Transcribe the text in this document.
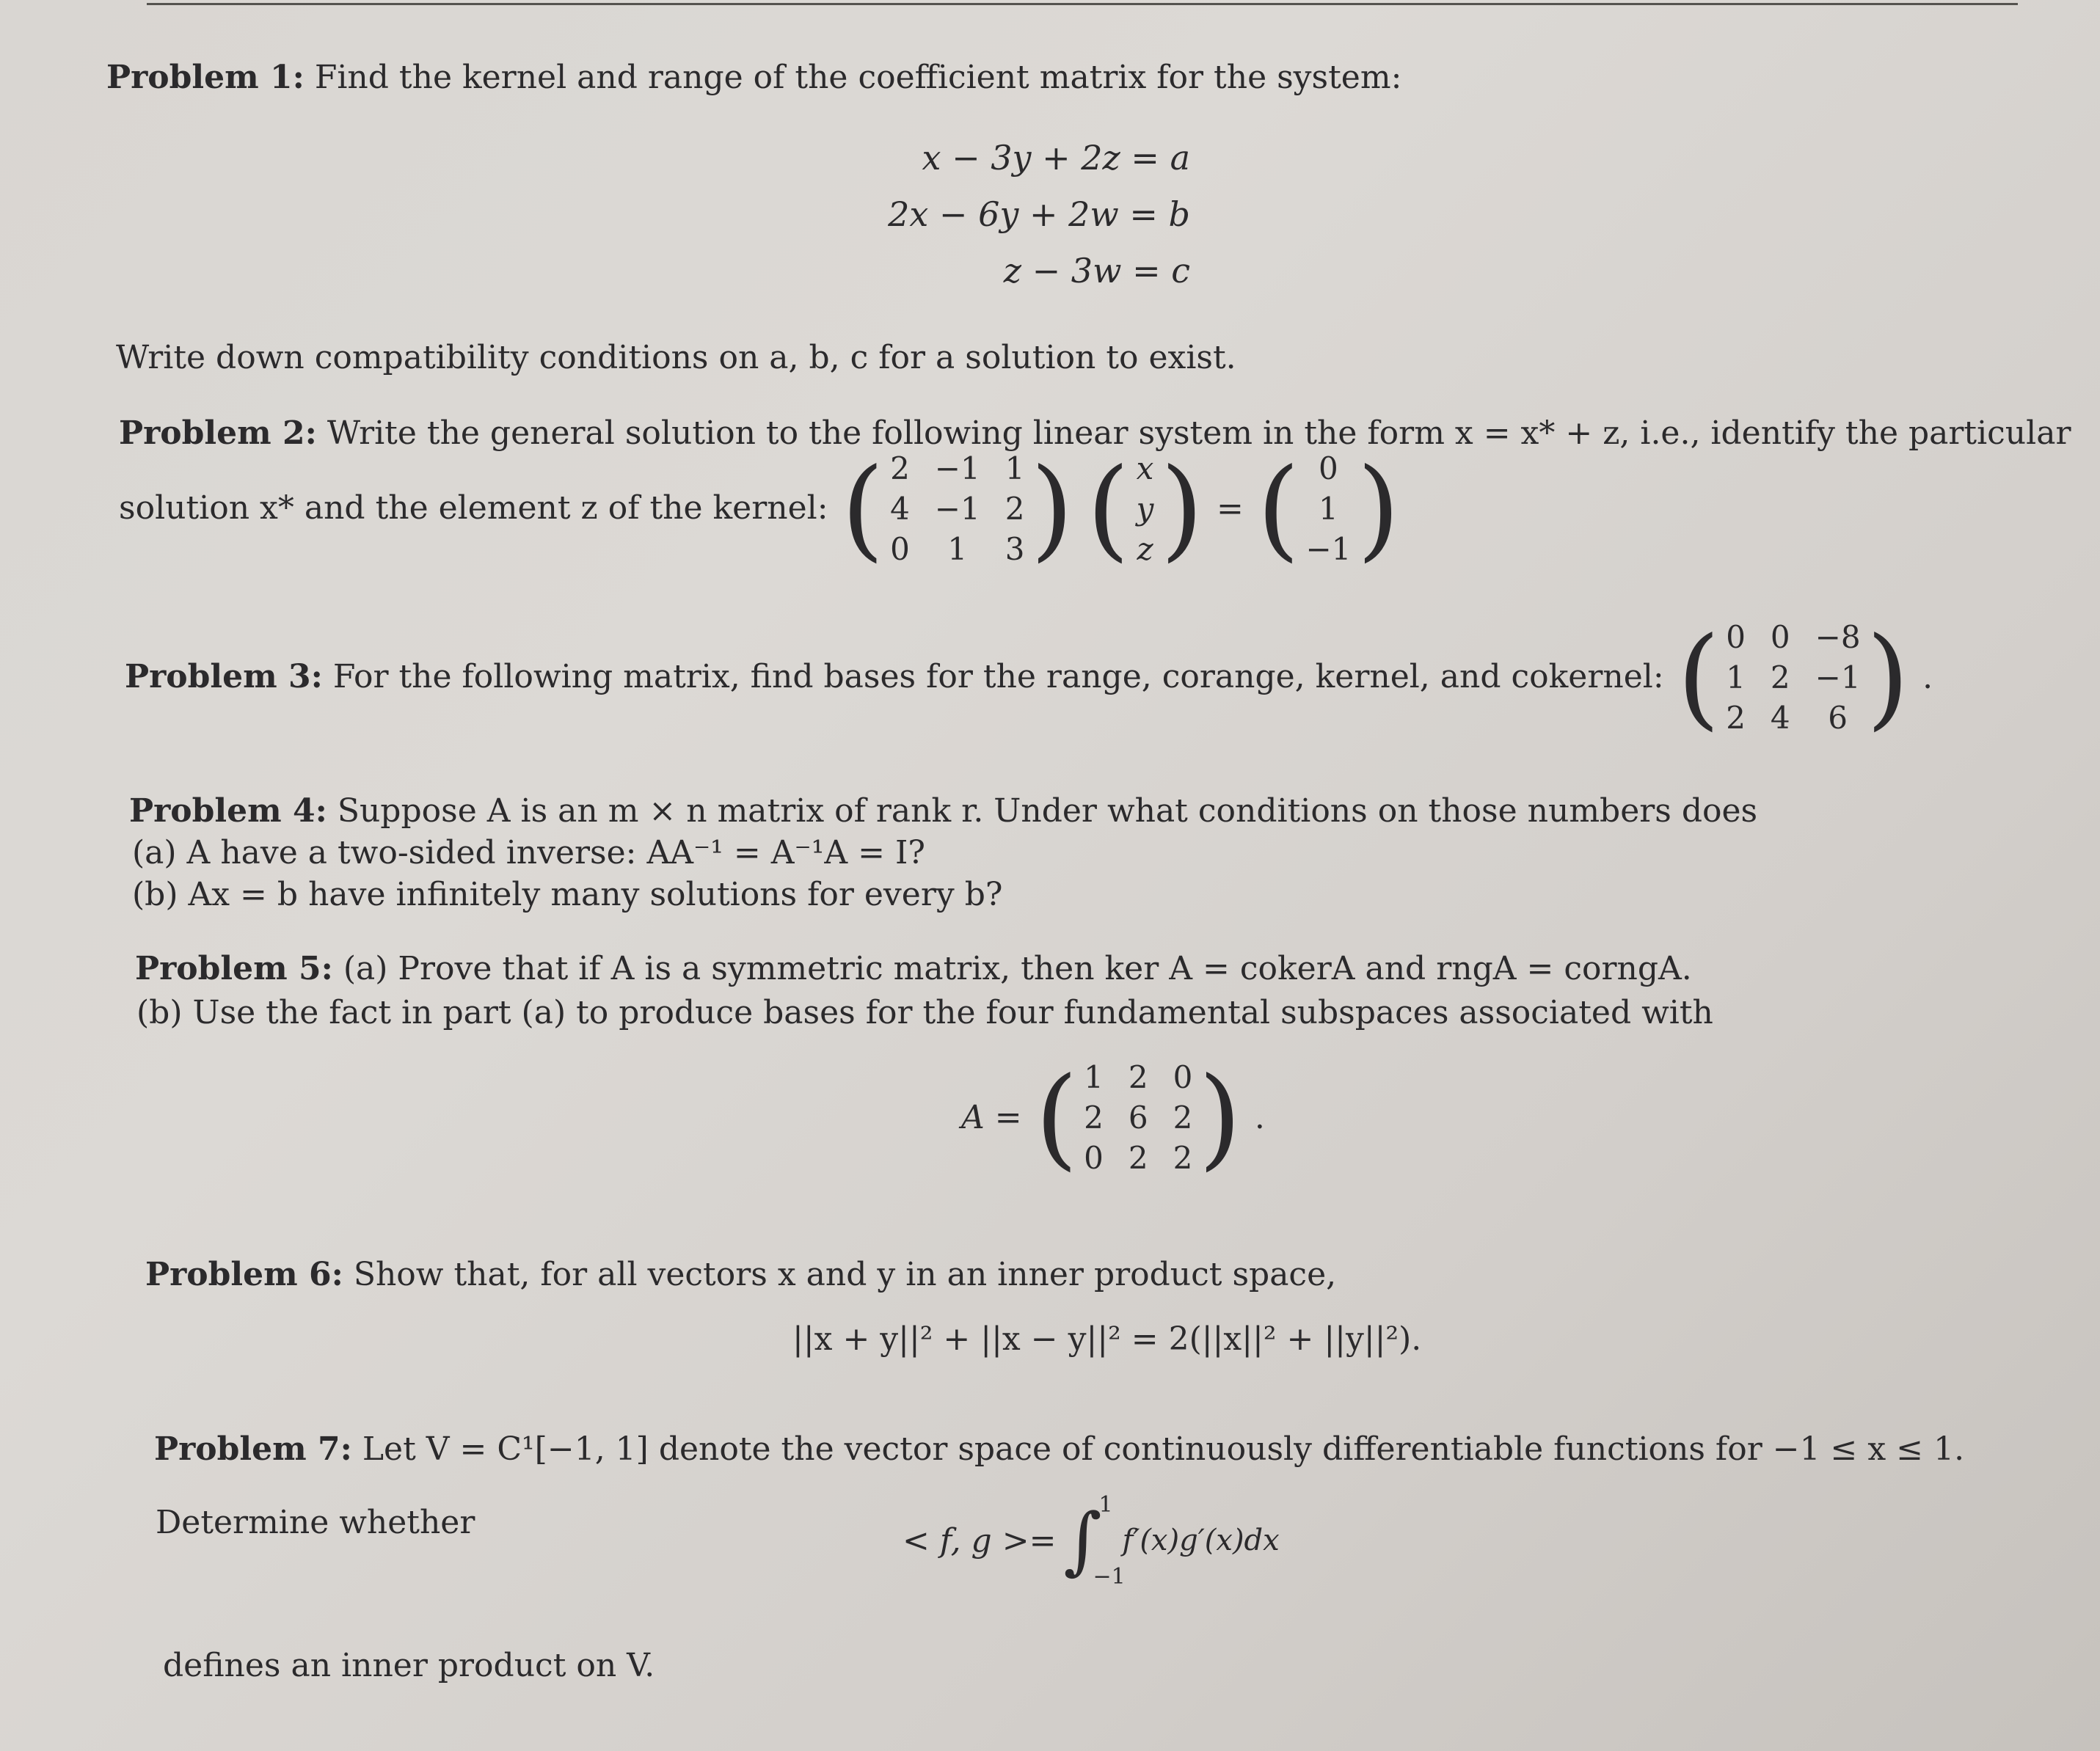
Problem 1: Find the kernel and range of the coefficient matrix for the system:
x − 3y + 2z = a
2x − 6y + 2w = b
z − 3w = c
Write down compatibility conditions on a, b, c for a solution to exist.
Problem 2: Write the general solution to the following linear system in the form x = x* + z, i.e., identify the particular
solution x* and the element z of the kernel: ( 2 −1 1
4 −1 2
0	1	3 ) ( x
y
z ) = ( 0
1
−1 )
Problem 3: For the following matrix, find bases for the range, corange, kernel, and cokernel: ( 0 0 −8
1 2 −1
2 4	6 ) .
Problem 4: Suppose A is an m × n matrix of rank r. Under what conditions on those numbers does
(a) A have a two-sided inverse: AA⁻¹ = A⁻¹A = I?
(b) Ax = b have infinitely many solutions for every b?
Problem 5: (a) Prove that if A is a symmetric matrix, then ker A = cokerA and rngA = corngA.
(b) Use the fact in part (a) to produce bases for the four fundamental subspaces associated with
A = ( 1 2 0
2 6 2
0 2 2 ) .
Problem 6: Show that, for all vectors x and y in an inner product space,
||x + y||² + ||x − y||² = 2(||x||² + ||y||²).
Problem 7: Let V = C¹[−1, 1] denote the vector space of continuously differentiable functions for −1 ≤ x ≤ 1.
Determine whether	< f, g >= ∫
1
−1
f′(x)g′(x)dx
defines an inner product on V.
